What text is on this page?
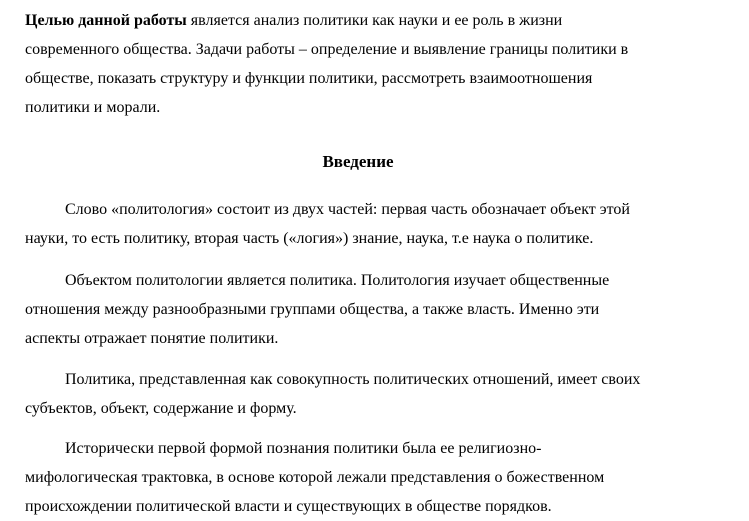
Целью данной работы является анализ политики как науки и ее роль в жизни
современного общества. Задачи работы – определение и выявление границы политики в
обществе, показать структуру и функции политики, рассмотреть взаимоотношения
политики и морали.

Введение

Слово «политология» состоит из двух частей: первая часть обозначает объект этой
науки, то есть политику, вторая часть («логия») знание, наука, т.е наука о политике.

Объектом политологии является политика. Политология изучает общественные
отношения между разнообразными группами общества, а также власть. Именно эти
аспекты отражает понятие политики.

Политика, представленная как совокупность политических отношений, имеет своих
субъектов, объект, содержание и форму.

Исторически первой формой познания политики была ее религиозно-
мифологическая трактовка, в основе которой лежали представления о божественном
происхождении политической власти и существующих в обществе порядков.
